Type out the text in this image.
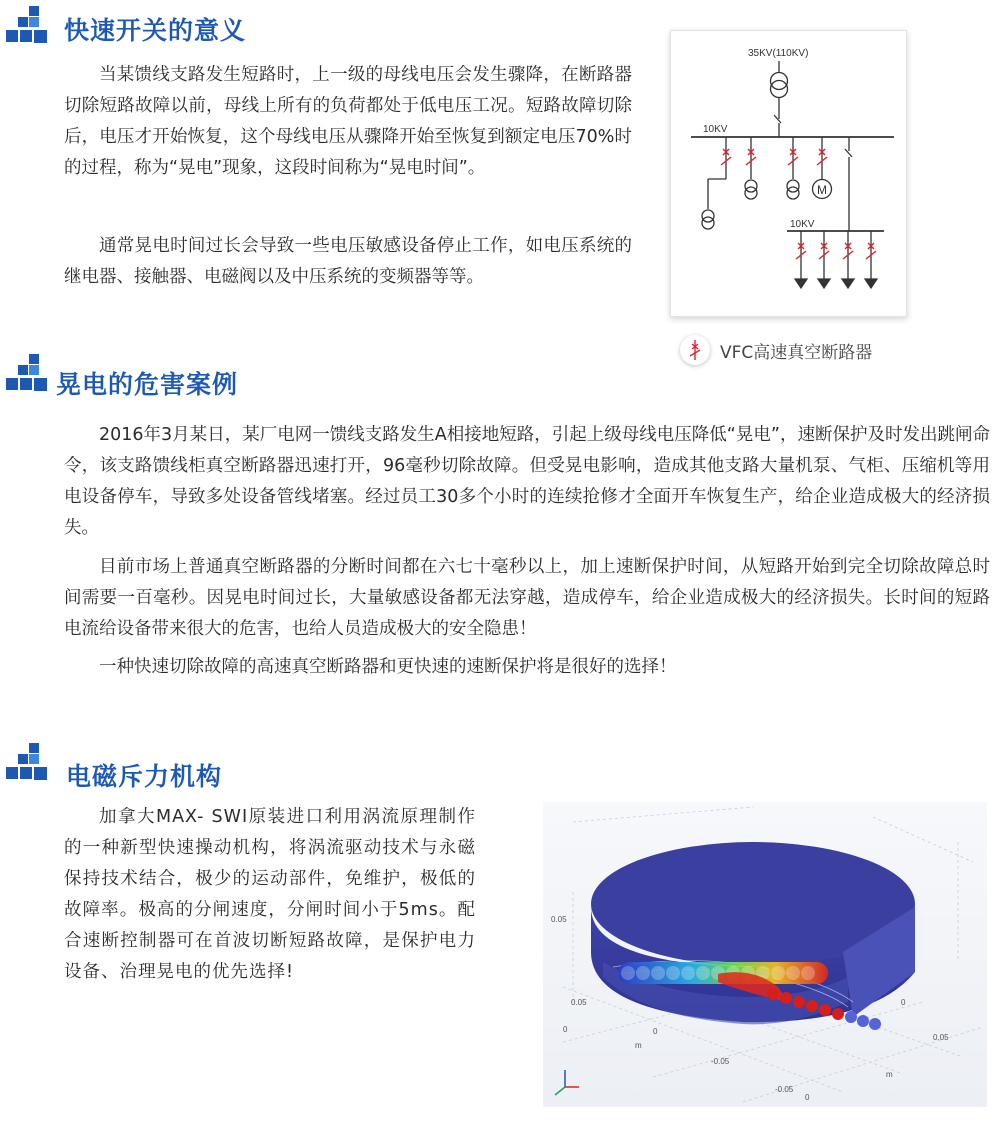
快速开关的意义

当某馈线支路发生短路时，上一级的母线电压会发生骤降，在断路器切除短路故障以前，母线上所有的负荷都处于低电压工况。短路故障切除后，电压才开始恢复，这个母线电压从骤降开始至恢复到额定电压70%时的过程，称为“晃电”现象，这段时间称为“晃电时间”。

通常晃电时间过长会导致一些电压敏感设备停止工作，如电压系统的继电器、接触器、电磁阀以及中压系统的变频器等等。

35KV(110KV)
10KV
M
10KV
VFC高速真空断路器
晃电的危害案例

2016年3月某日，某厂电网一馈线支路发生A相接地短路，引起上级母线电压降低“晃电”，速断保护及时发出跳闸命令，该支路馈线柜真空断路器迅速打开，96毫秒切除故障。但受晃电影响，造成其他支路大量机泵、气柜、压缩机等用电设备停车，导致多处设备管线堵塞。经过员工30多个小时的连续抢修才全面开车恢复生产，给企业造成极大的经济损失。

目前市场上普通真空断路器的分断时间都在六七十毫秒以上，加上速断保护时间，从短路开始到完全切除故障总时间需要一百毫秒。因晃电时间过长，大量敏感设备都无法穿越，造成停车，给企业造成极大的经济损失。长时间的短路电流给设备带来很大的危害，也给人员造成极大的安全隐患！

一种快速切除故障的高速真空断路器和更快速的速断保护将是很好的选择！

电磁斥力机构

加拿大MAX- SWI原装进口利用涡流原理制作的一种新型快速操动机构，将涡流驱动技术与永磁保持技术结合，极少的运动部件，免维护，极低的故障率。极高的分闸速度，分闸时间小于5ms。配合速断控制器可在首波切断短路故障，是保护电力设备、治理晃电的优先选择!

0.05
0
-0.05
0
0.05
-0.05
0
0.05
0
m
m
